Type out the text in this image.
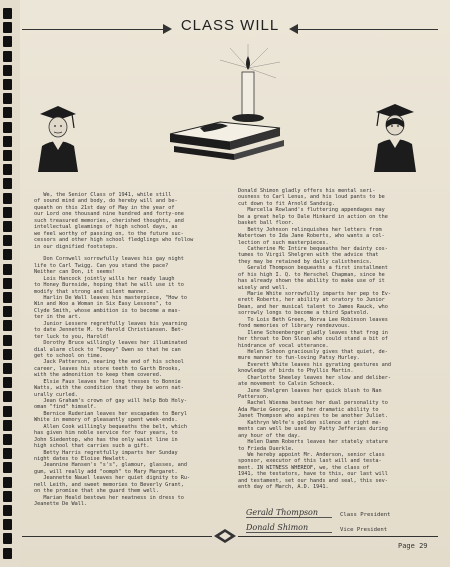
CLASS WILL
We, the Senior Class of 1941, while still
of sound mind and body, do hereby will and be-
queath on this 21st day of May in the year of
our Lord one thousand nine hundred and forty-one
such treasured memories, cherished thoughts, and
intellectual gleamings of high school days, as
we feel worthy of passing on, to the future suc-
cessors and other high school fledglings who follow
in our dignified footsteps.
Don Cornwell sorrowfully leaves his gay night
life to Carl Twigg. Can you stand the pace?
Neither can Don, it seems!
Lois Hancock jointly wills her ready laugh
to Honey Burnside, hoping that he will use it to
modify that strong and silent manner.
Harlin De Wall leaves his masterpiece, "How to
Win and Woo a Woman in Six Easy Lessons", to
Clyde Smith, whose ambition is to become a mas-
ter in the art.
Junior Lessere regretfully leaves his yearning
to date Jennette M. to Harold Christiansen. Bet-
ter luck to you, Harold!
Dorothy Bruce willingly leaves her illuminated
dial alarm clock to "Dopey" Owen so that he can
get to school on time.
Jack Patterson, nearing the end of his school
career, leaves his store teeth to Garth Brooks,
with the admonition to keep them covered.
Elsie Faux leaves her long tresses to Bonnie
Watts, with the condition that they be worn nat-
urally curled.
Jean Graham's crown of gay will help Bob Holy-
oman "find" himself.
Bernice Ruderian leaves her escapades to Beryl
White in memory of pleasantly spent week-ends.
Allen Cook willingly bequeaths the belt, which
has given him noble service for four years, to
John Siedentop, who has the only waist line in
high school that carries such a gift.
Betty Harris regretfully imparts her Sunday
night dates to Eloise Hewlett.
Jeannine Hansen's "s's", glamour, glasses, and
gum, will really add "oomph" to Mary Margaret.
Jeannette Nauel leaves her quiet dignity to Ru-
nell Leith, and sweet memories to Beverly Grant,
on the promise that she guard them well.
Marian Heald bestows her neatness in dress to
Jeanette De Wall.
Donald Shimon gladly offers his mental seri-
ousness to Carl Lenus, and his loud pants to be
cut down to fit Arnold Sandvig.
Marcella Rowland's fluttering appendages may
be a great help to Dale Hinkard in action on the
basket ball floor.
Betty Johnson relinquishes her letters from
Watertown to Ida Jane Roberts, who wants a col-
lection of such masterpieces.
Catherine Mc Intire bequeaths her dainty cos-
tumes to Virgil Shelgren with the advice that
they may be retained by daily calisthenics.
Gerald Thompson bequeaths a first installment
of his high I. Q. to Herschel Chapman, since he
has already shown the ability to make use of it
wisely and well.
Marie White sorrowfully imparts her pep to Ev-
erett Roberts, her ability at oratory to Junior
Dean, and her musical talent to James Rauck, who
sorrowly longs to become a third Spatvold.
To Lois Beth Green, Norva Lee Robinson leaves
fond memories of library rendezvous.
Ilene Schoenberger gladly leaves that frog in
her throat to Don Sloan who could stand a bit of
hindrance of vocal utterance.
Helen Schoon graciously gives that quiet, de-
mure manner to fun-loving Patsy Hurley.
Everett White leaves his gyrating gestures and
knowledge of birds to Phyllis Martin.
Charlotte Sheeley leaves her slow and deliber-
ate movement to Calvin Schoeck.
June Shelgren leaves her quick blush to Nan
Patterson.
Rachel Wiesma bestows her dual personality to
Ada Marie George, and her dramatic ability to
Janet Thompson who aspires to be another Juliet.
Kathryn Wolfe's golden silence at right me-
ments can well be used by Patty Jefferies during
any hour of the day.
Helen Damm Roberts leaves her stately stature
to Frieda Duerkle.
We hereby appoint Mr. Anderson, senior class
sponsor, executor of this last will and testa-
ment. IN WITNESS WHEREOF, we, the class of
1941, the testators, have to this, our last will
and testament, set our hands and seal, this sev-
enth day of March, A.D. 1941.
Gerald Thompson	Class President
Donald Shimon	Vice President
Page 29
